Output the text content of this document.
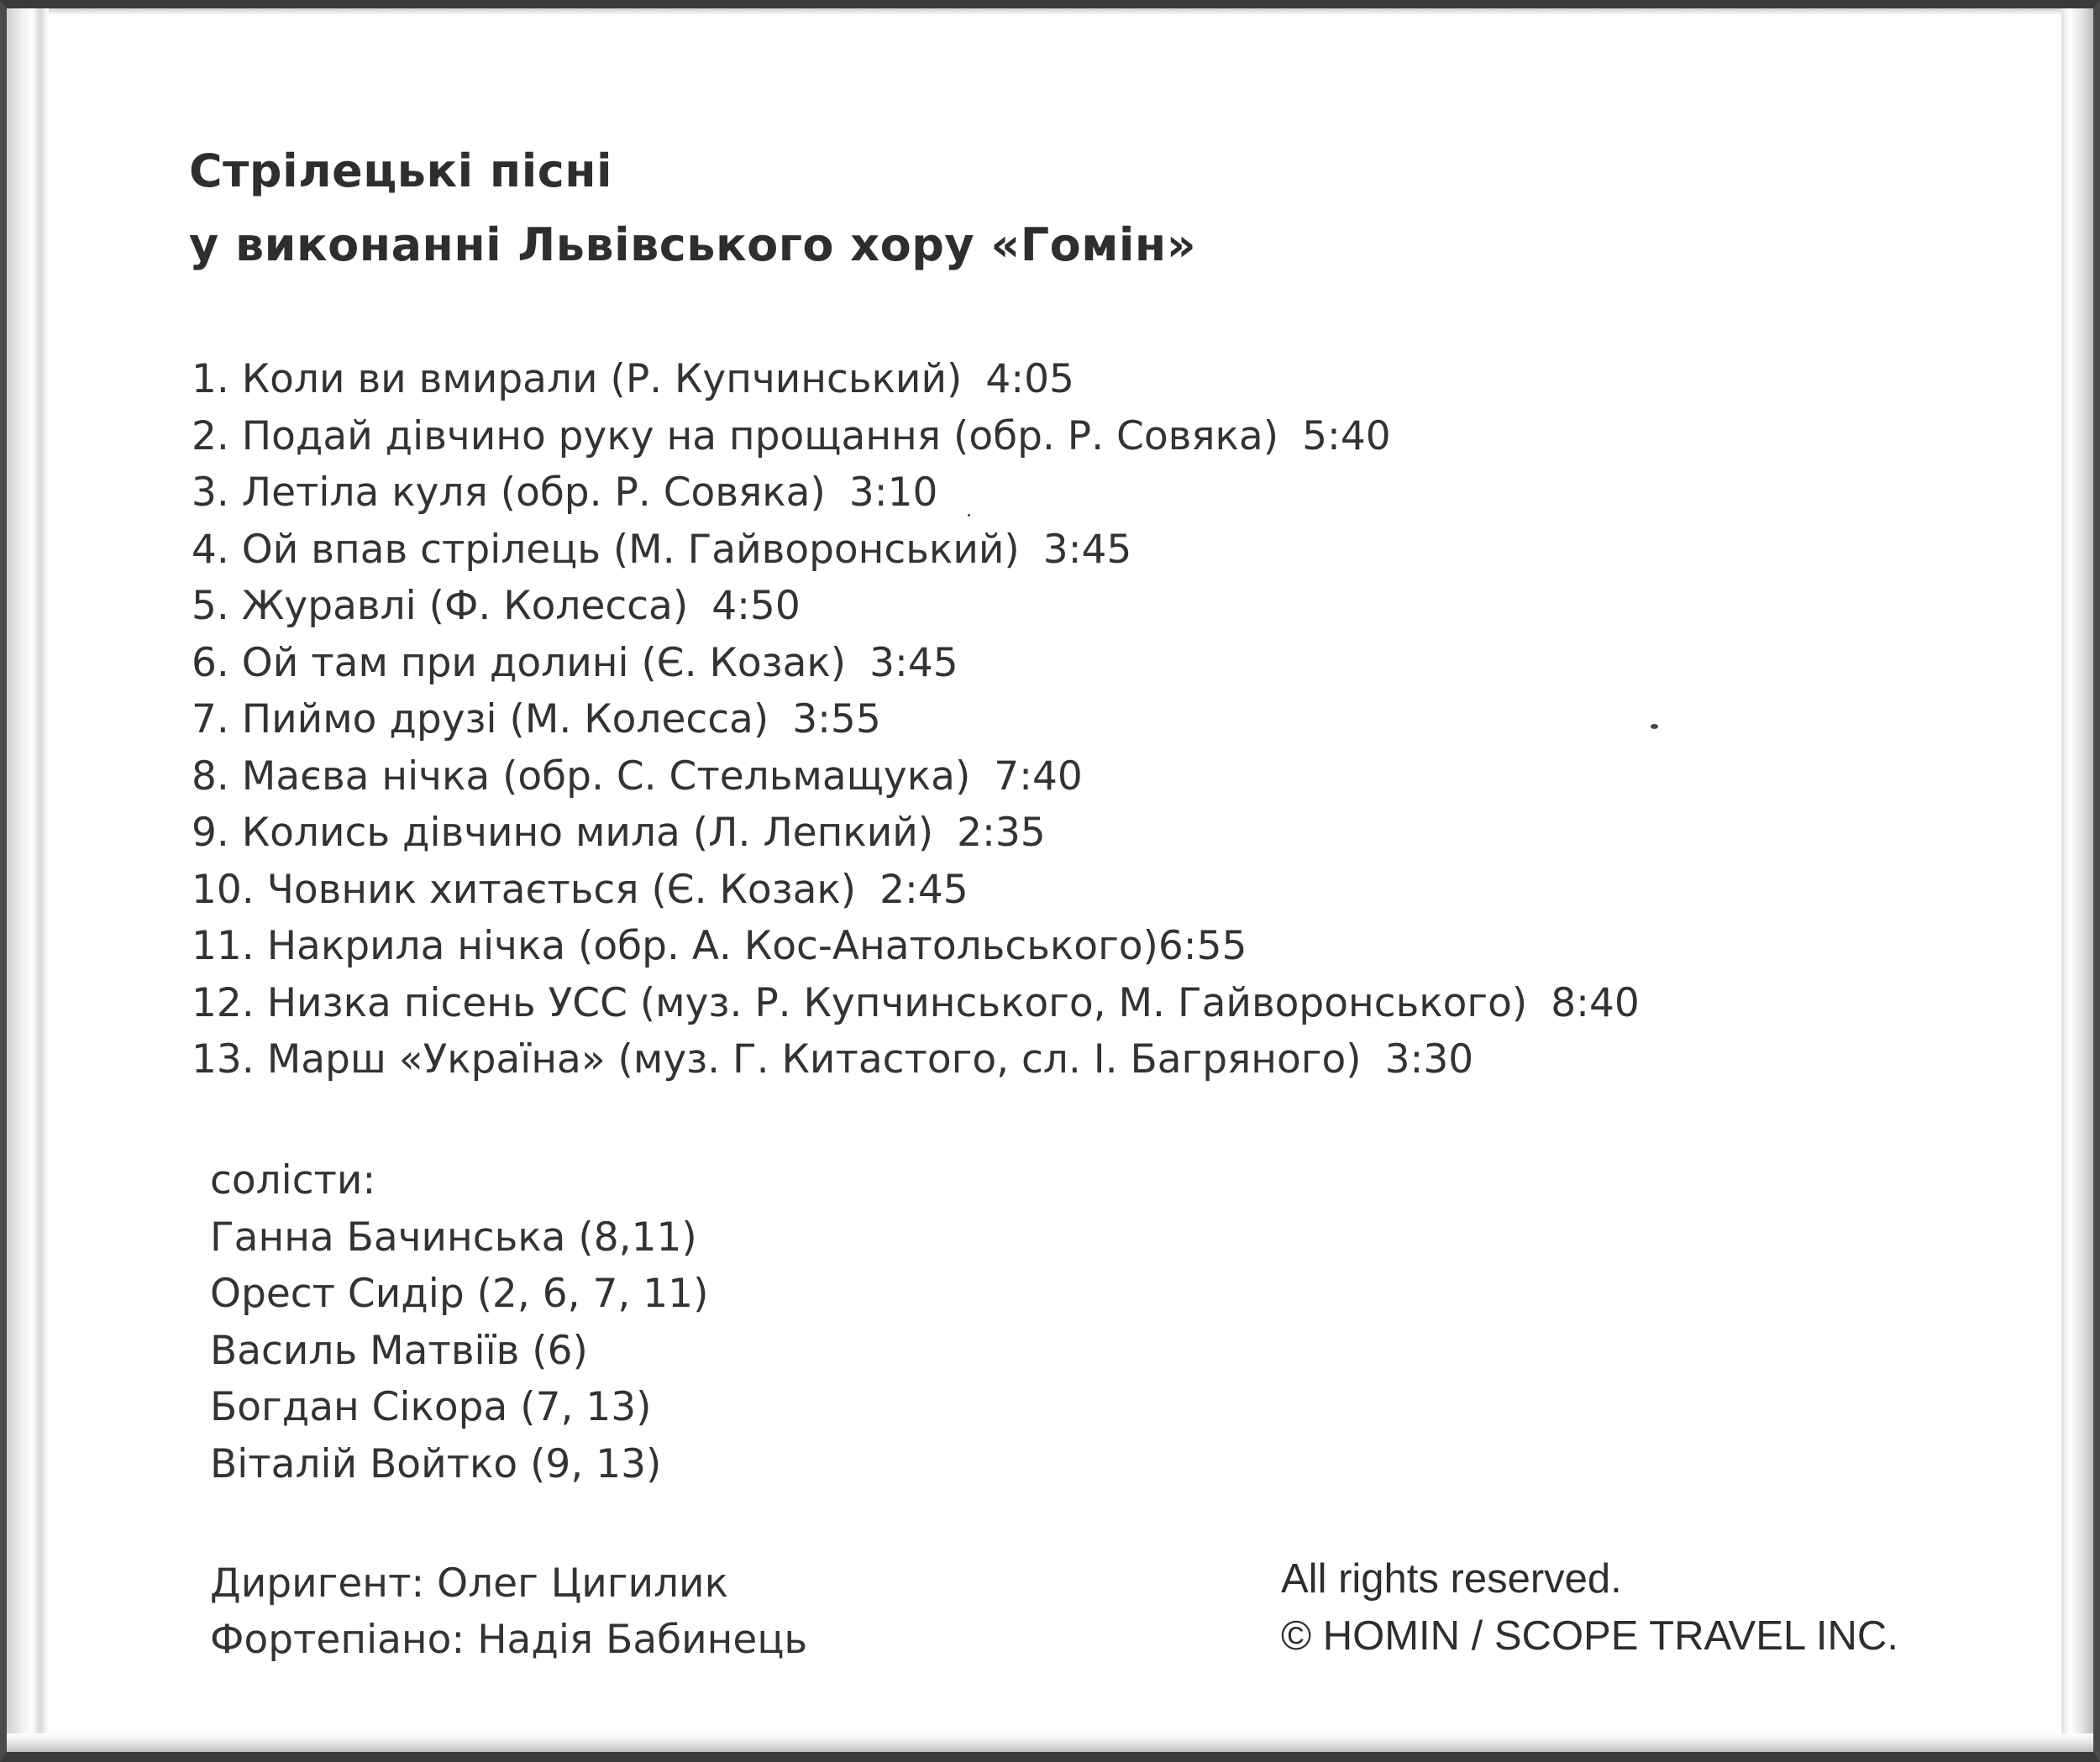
Стрілецькі пісні
у виконанні Львівського хору «Гомін»
1. Коли ви вмирали (Р. Купчинський) 4:05
2. Подай дівчино руку на прощання (обр. Р. Совяка) 5:40
3. Летіла куля (обр. Р. Совяка) 3:10
4. Ой впав стрілець (М. Гайворонський) 3:45
5. Журавлі (Ф. Колесса) 4:50
6. Ой там при долині (Є. Козак) 3:45
7. Пиймо друзі (М. Колесса) 3:55
8. Маєва нічка (обр. С. Стельмащука) 7:40
9. Колись дівчино мила (Л. Лепкий) 2:35
10. Човник хитається (Є. Козак) 2:45
11. Накрила нічка (обр. А. Кос-Анатольського)6:55
12. Низка пісень УСС (муз. Р. Купчинського, М. Гайворонського) 8:40
13. Марш «Україна» (муз. Г. Китастого, сл. І. Багряного) 3:30
солісти:
Ганна Бачинська (8,11)
Орест Сидір (2, 6, 7, 11)
Василь Матвіїв (6)
Богдан Сікора (7, 13)
Віталій Войтко (9, 13)
Диригент: Олег Цигилик
Фортепіано: Надія Бабинець
All rights reserved.
© HOMIN / SCOPE TRAVEL INC.
